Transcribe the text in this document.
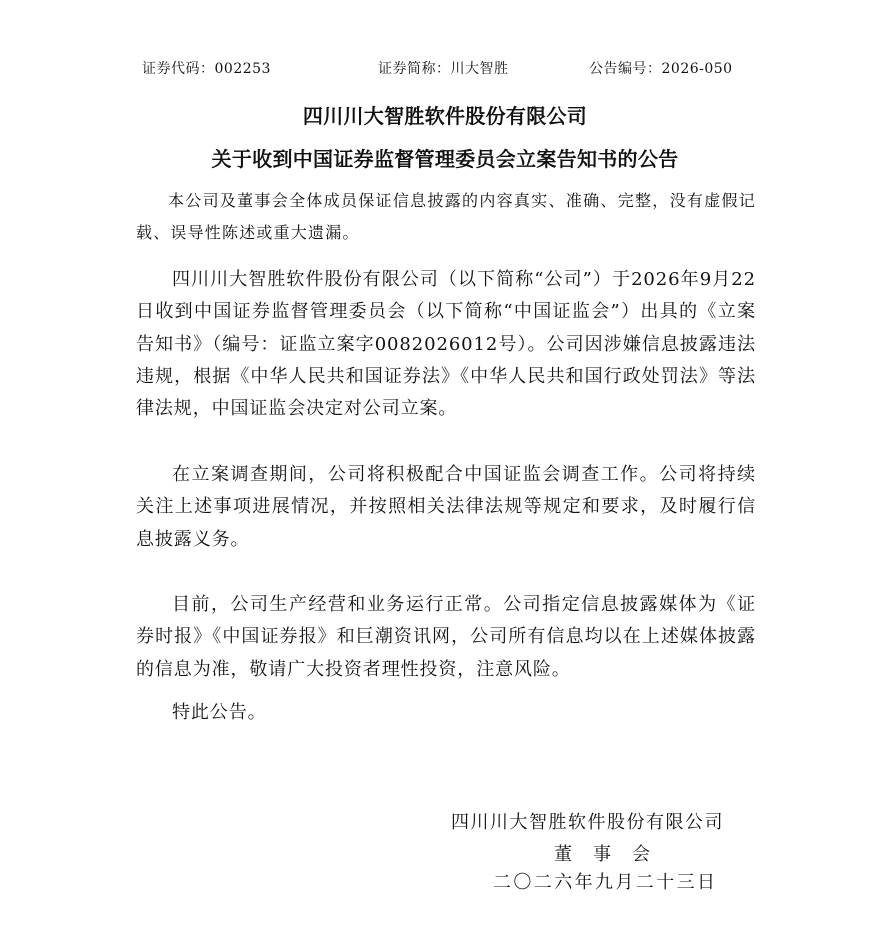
证券代码：002253	证券简称：川大智胜	公告编号：2026-050
四川川大智胜软件股份有限公司
关于收到中国证券监督管理委员会立案告知书的公告
本公司及董事会全体成员保证信息披露的内容真实、准确、完整，没有虚假记载、误导性陈述或重大遗漏。

四川川大智胜软件股份有限公司（以下简称“公司”）于2026年9月22日收到中国证券监督管理委员会（以下简称“中国证监会”）出具的《立案告知书》（编号：证监立案字0082026012号）。公司因涉嫌信息披露违法违规，根据《中华人民共和国证券法》《中华人民共和国行政处罚法》等法律法规，中国证监会决定对公司立案。

在立案调查期间，公司将积极配合中国证监会调查工作。公司将持续关注上述事项进展情况，并按照相关法律法规等规定和要求，及时履行信息披露义务。

目前，公司生产经营和业务运行正常。公司指定信息披露媒体为《证券时报》《中国证券报》和巨潮资讯网，公司所有信息均以在上述媒体披露的信息为准，敬请广大投资者理性投资，注意风险。

特此公告。

四川川大智胜软件股份有限公司
董　事　会
二〇二六年九月二十三日
